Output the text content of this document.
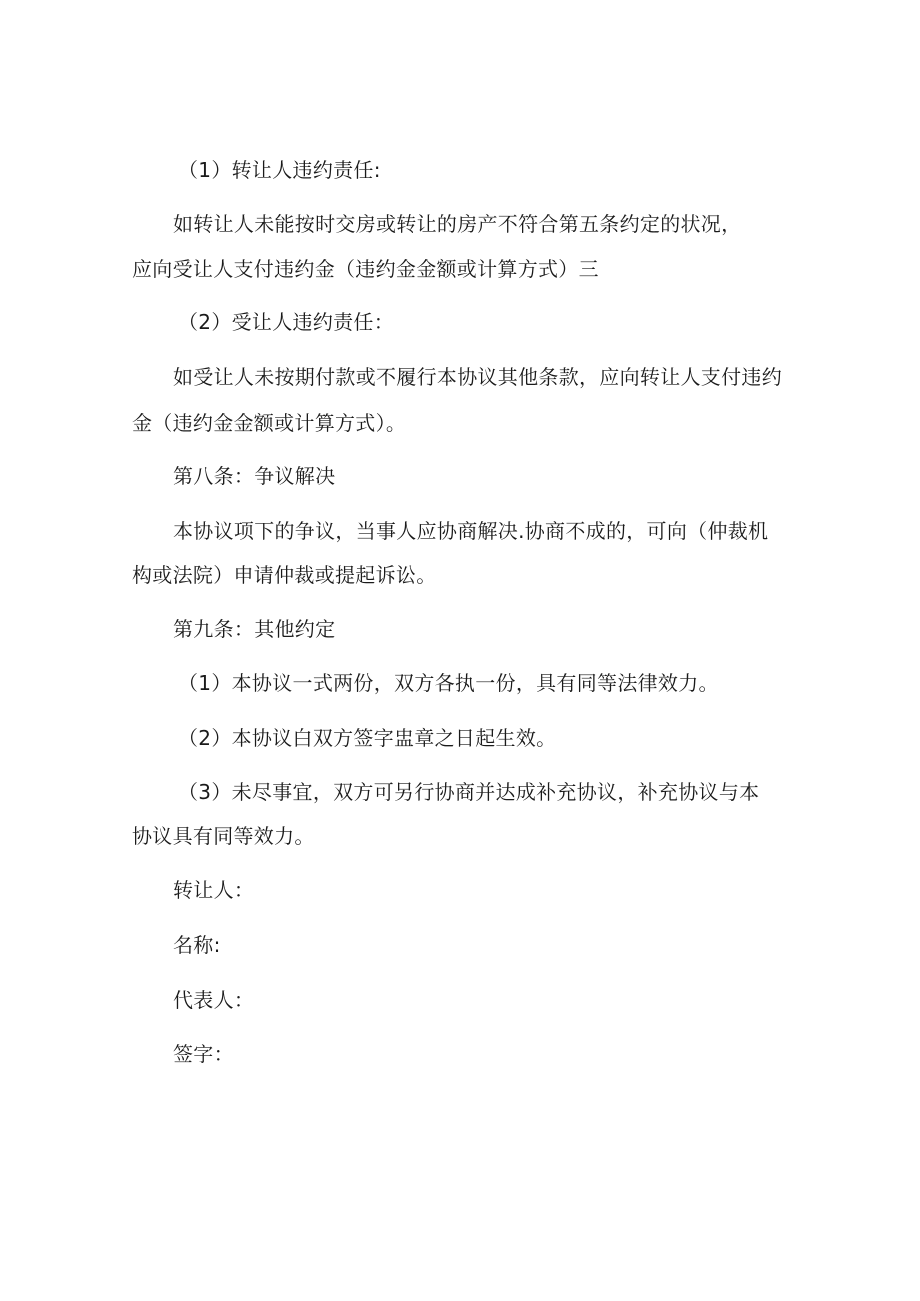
（1）转让人违约责任:
如转让人未能按时交房或转让的房产不符合第五条约定的状况，
应向受让人支付违约金（违约金金额或计算方式）三
（2）受让人违约责任：
如受让人未按期付款或不履行本协议其他条款，应向转让人支付违约
金（违约金金额或计算方式）。
第八条：争议解决
本协议项下的争议，当事人应协商解决.协商不成的，可向（仲裁机
构或法院）申请仲裁或提起诉讼。
第九条：其他约定
（1）本协议一式两份，双方各执一份，具有同等法律效力。
（2）本协议白双方签字盅章之日起生效。
（3）未尽事宜，双方可另行协商并达成补充协议，补充协议与本
协议具有同等效力。
转让人：
名称:
代表人：
签字：
